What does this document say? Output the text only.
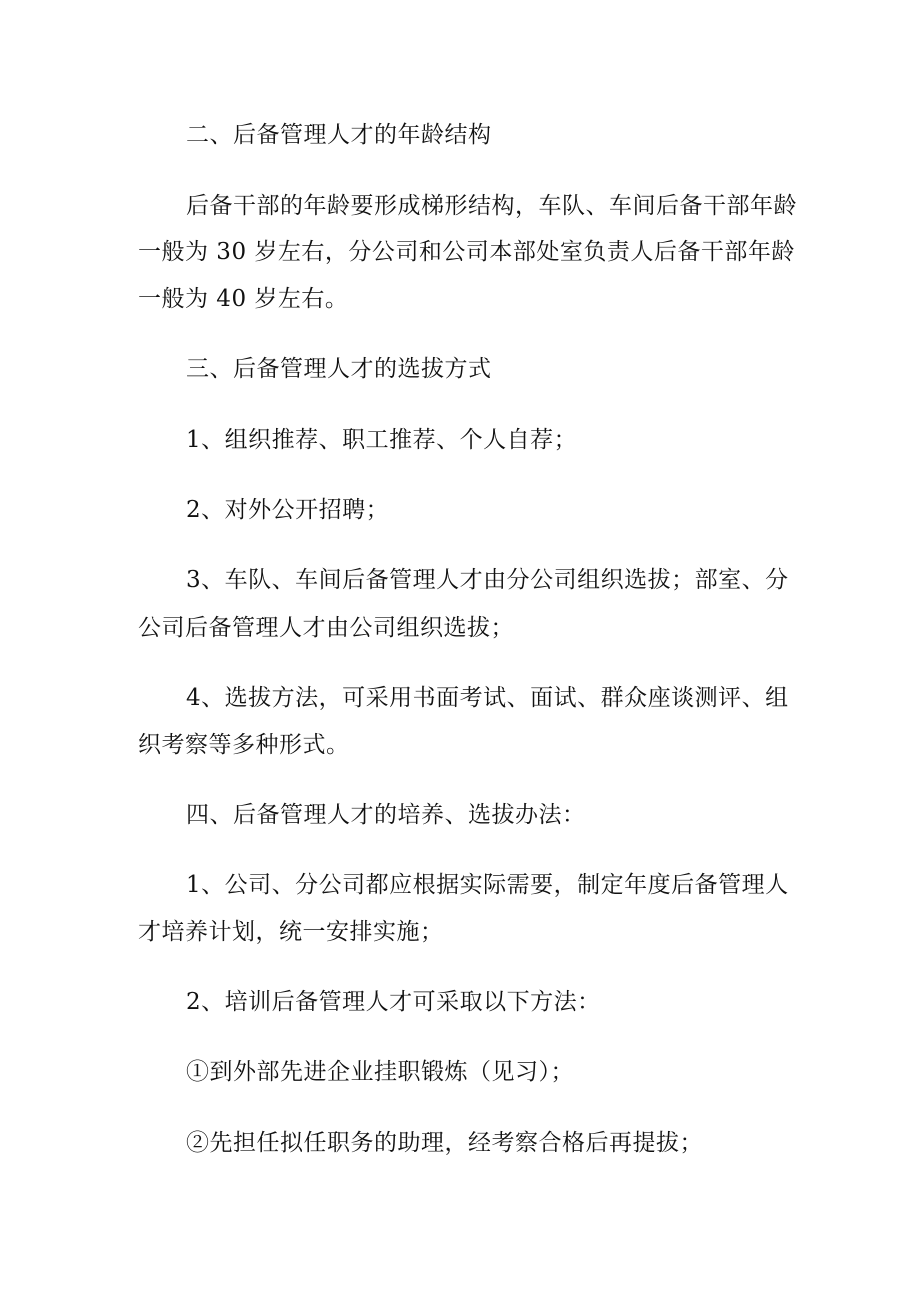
二、后备管理人才的年龄结构
后备干部的年龄要形成梯形结构，车队、车间后备干部年龄
一般为 30 岁左右，分公司和公司本部处室负责人后备干部年龄
一般为 40 岁左右。
三、后备管理人才的选拔方式
1、组织推荐、职工推荐、个人自荐；
2、对外公开招聘；
3、车队、车间后备管理人才由分公司组织选拔；部室、分
公司后备管理人才由公司组织选拔；
4、选拔方法，可采用书面考试、面试、群众座谈测评、组
织考察等多种形式。
四、后备管理人才的培养、选拔办法：
1、公司、分公司都应根据实际需要，制定年度后备管理人
才培养计划，统一安排实施；
2、培训后备管理人才可采取以下方法：
①到外部先进企业挂职锻炼（见习）；
②先担任拟任职务的助理，经考察合格后再提拔；
